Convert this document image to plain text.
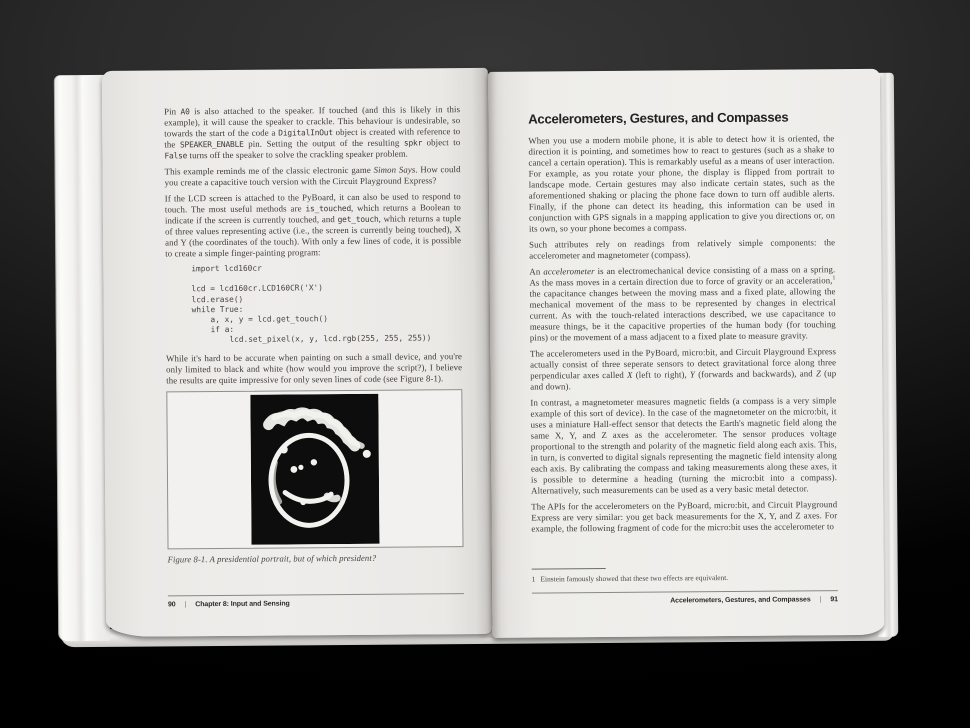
Pin A0 is also attached to the speaker. If touched (and this is likely in this example), it will cause the speaker to crackle. This behaviour is undesirable, so towards the start of the code a DigitalInOut object is created with reference to the SPEAKER_ENABLE pin. Setting the output of the resulting spkr object to False turns off the speaker to solve the crackling speaker problem.

This example reminds me of the classic electronic game Simon Says. How could you create a capacitive touch version with the Circuit Playground Express?

If the LCD screen is attached to the PyBoard, it can also be used to respond to touch. The most useful methods are is_touched, which returns a Boolean to indicate if the screen is currently touched, and get_touch, which returns a tuple of three values representing active (i.e., the screen is currently being touched), X and Y (the coordinates of the touch). With only a few lines of code, it is possible to create a simple finger-painting program:

import lcd160cr

lcd = lcd160cr.LCD160CR('X')
lcd.erase()
while True:
a, x, y = lcd.get_touch()
if a:
lcd.set_pixel(x, y, lcd.rgb(255, 255, 255))

While it's hard to be accurate when painting on such a small device, and you're only limited to black and white (how would you improve the script?), I believe the results are quite impressive for only seven lines of code (see Figure 8-1).

Figure 8-1. A presidential portrait, but of which president?
90 | Chapter 8: Input and Sensing
Accelerometers, Gestures, and Compasses

When you use a modern mobile phone, it is able to detect how it is oriented, the direction it is pointing, and sometimes how to react to gestures (such as a shake to cancel a certain operation). This is remarkably useful as a means of user interaction. For example, as you rotate your phone, the display is flipped from portrait to landscape mode. Certain gestures may also indicate certain states, such as the aforementioned shaking or placing the phone face down to turn off audible alerts. Finally, if the phone can detect its heading, this information can be used in conjunction with GPS signals in a mapping application to give you directions or, on its own, so your phone becomes a compass.

Such attributes rely on readings from relatively simple components: the accelerometer and magnetometer (compass).

An accelerometer is an electromechanical device consisting of a mass on a spring. As the mass moves in a certain direction due to force of gravity or an acceleration,$^1$ the capacitance changes between the moving mass and a fixed plate, allowing the mechanical movement of the mass to be represented by changes in electrical current. As with the touch-related interactions described, we use capacitance to measure things, be it the capacitive properties of the human body (for touching pins) or the movement of a mass adjacent to a fixed plate to measure gravity.

The accelerometers used in the PyBoard, micro:bit, and Circuit Playground Express actually consist of three seperate sensors to detect gravitational force along three perpendicular axes called X (left to right), Y (forwards and backwards), and Z (up and down).

In contrast, a magnetometer measures magnetic fields (a compass is a very simple example of this sort of device). In the case of the magnetometer on the micro:bit, it uses a miniature Hall-effect sensor that detects the Earth's magnetic field along the same X, Y, and Z axes as the accelerometer. The sensor produces voltage proportional to the strength and polarity of the magnetic field along each axis. This, in turn, is converted to digital signals representing the magnetic field intensity along each axis. By calibrating the compass and taking measurements along these axes, it is possible to determine a heading (turning the micro:bit into a compass). Alternatively, such measurements can be used as a very basic metal detector.

The APIs for the accelerometers on the PyBoard, micro:bit, and Circuit Playground Express are very similar: you get back measurements for the X, Y, and Z axes. For example, the following fragment of code for the micro:bit uses the accelerometer to

1 Einstein famously showed that these two effects are equivalent.
Accelerometers, Gestures, and Compasses | 91
